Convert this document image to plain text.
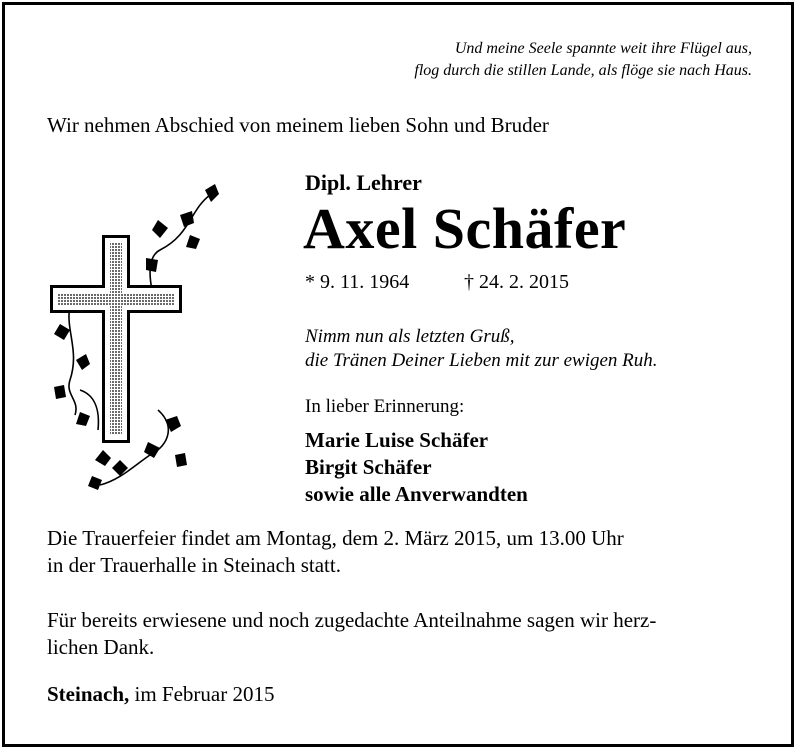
Und meine Seele spannte weit ihre Flügel aus,
flog durch die stillen Lande, als flöge sie nach Haus.
Wir nehmen Abschied von meinem lieben Sohn und Bruder
Dipl. Lehrer
Axel Schäfer
* 9. 11. 1964	† 24. 2. 2015
Nimm nun als letzten Gruß,
die Tränen Deiner Lieben mit zur ewigen Ruh.
In lieber Erinnerung:
Marie Luise Schäfer
Birgit Schäfer
sowie alle Anverwandten
Die Trauerfeier findet am Montag, dem 2. März 2015, um 13.00 Uhr
in der Trauerhalle in Steinach statt.
Für bereits erwiesene und noch zugedachte Anteilnahme sagen wir herz-
lichen Dank.
Steinach, im Februar 2015
